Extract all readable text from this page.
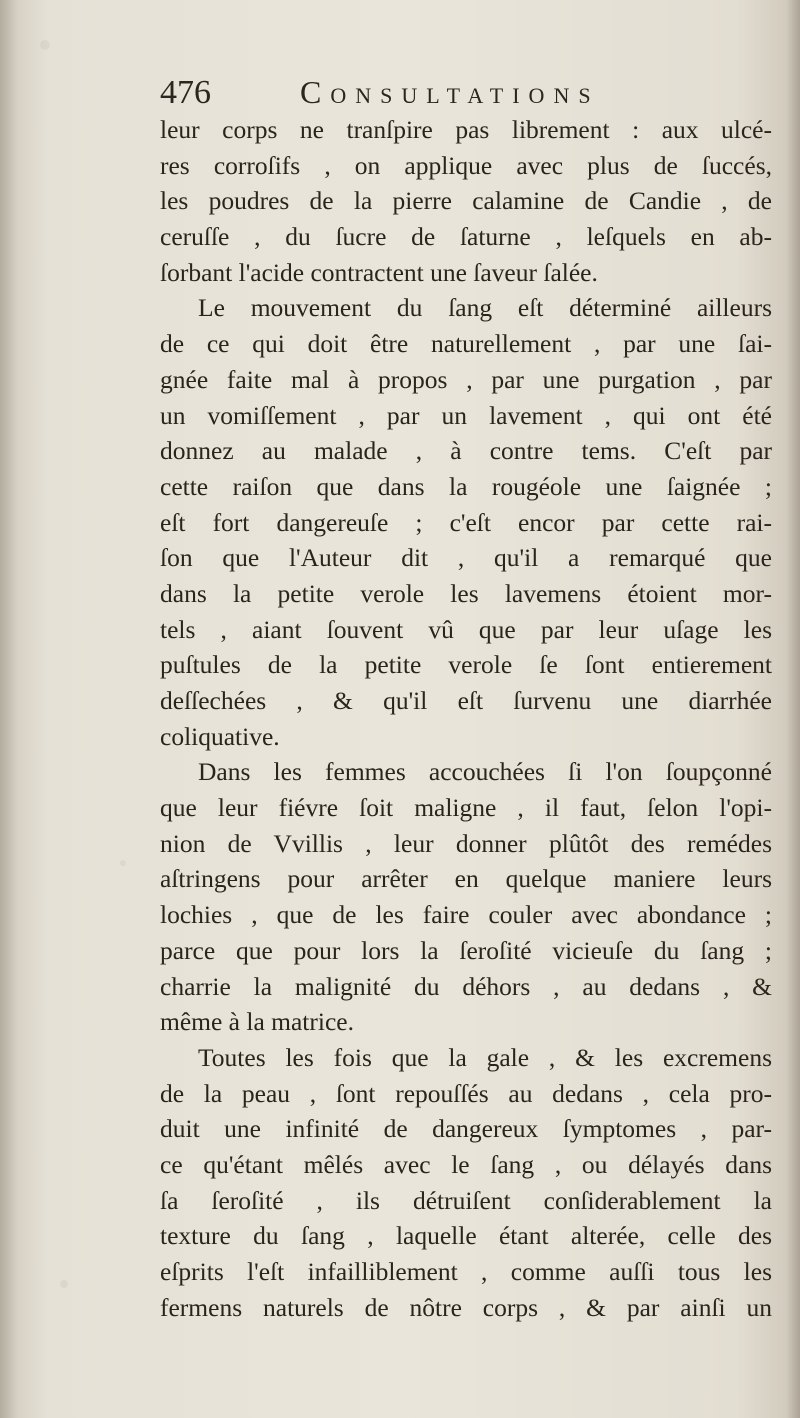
476	Consultations
leur corps ne tranſpire pas librement : aux ulcé-
res corroſifs , on applique avec plus de ſuccés,
les poudres de la pierre calamine de Candie , de
ceruſſe , du ſucre de ſaturne , leſquels en ab-
ſorbant l'acide contractent une ſaveur ſalée.
Le mouvement du ſang eſt déterminé ailleurs
de ce qui doit être naturellement , par une ſai-
gnée faite mal à propos , par une purgation , par
un vomiſſement , par un lavement , qui ont été
donnez au malade , à contre tems. C'eſt par
cette raiſon que dans la rougéole une ſaignée ;
eſt fort dangereuſe ; c'eſt encor par cette rai-
ſon que l'Auteur dit , qu'il a remarqué que
dans la petite verole les lavemens étoient mor-
tels , aiant ſouvent vû que par leur uſage les
puſtules de la petite verole ſe ſont entierement
deſſechées , & qu'il eſt ſurvenu une diarrhée
coliquative.
Dans les femmes accouchées ſi l'on ſoupçonné
que leur fiévre ſoit maligne , il faut, ſelon l'opi-
nion de Vvillis , leur donner plûtôt des remédes
aſtringens pour arrêter en quelque maniere leurs
lochies , que de les faire couler avec abondance ;
parce que pour lors la ſeroſité vicieuſe du ſang ;
charrie la malignité du déhors , au dedans , &
même à la matrice.
Toutes les fois que la gale , & les excremens
de la peau , ſont repouſſés au dedans , cela pro-
duit une infinité de dangereux ſymptomes , par-
ce qu'étant mêlés avec le ſang , ou délayés dans
ſa ſeroſité , ils détruiſent conſiderablement la
texture du ſang , laquelle étant alterée, celle des
eſprits l'eſt infailliblement , comme auſſi tous les
fermens naturels de nôtre corps , & par ainſi un
